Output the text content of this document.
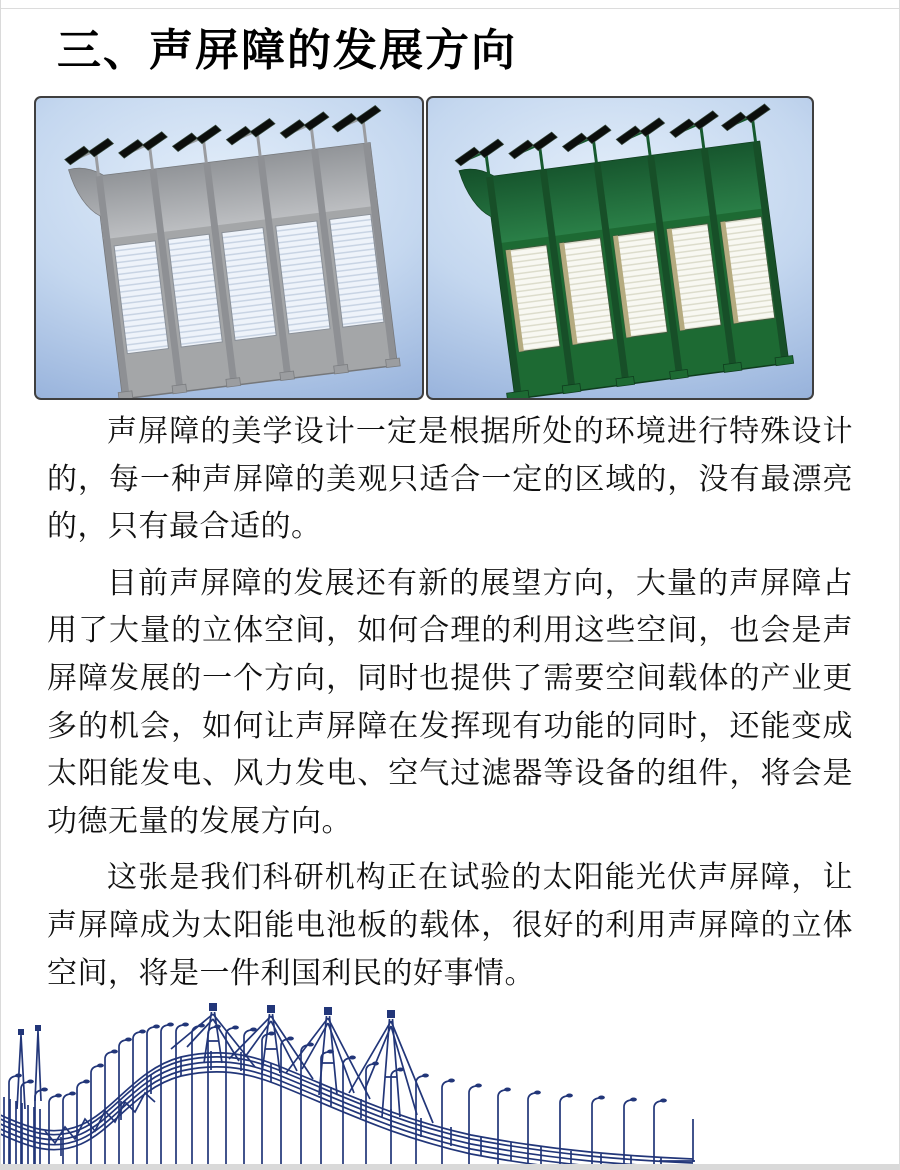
三、声屏障的发展方向

声屏障的美学设计一定是根据所处的环境进行特殊设计的，每一种声屏障的美观只适合一定的区域的，没有最漂亮的，只有最合适的。

目前声屏障的发展还有新的展望方向，大量的声屏障占用了大量的立体空间，如何合理的利用这些空间，也会是声屏障发展的一个方向，同时也提供了需要空间载体的产业更多的机会，如何让声屏障在发挥现有功能的同时，还能变成太阳能发电、风力发电、空气过滤器等设备的组件，将会是功德无量的发展方向。

这张是我们科研机构正在试验的太阳能光伏声屏障，让声屏障成为太阳能电池板的载体，很好的利用声屏障的立体空间，将是一件利国利民的好事情。
